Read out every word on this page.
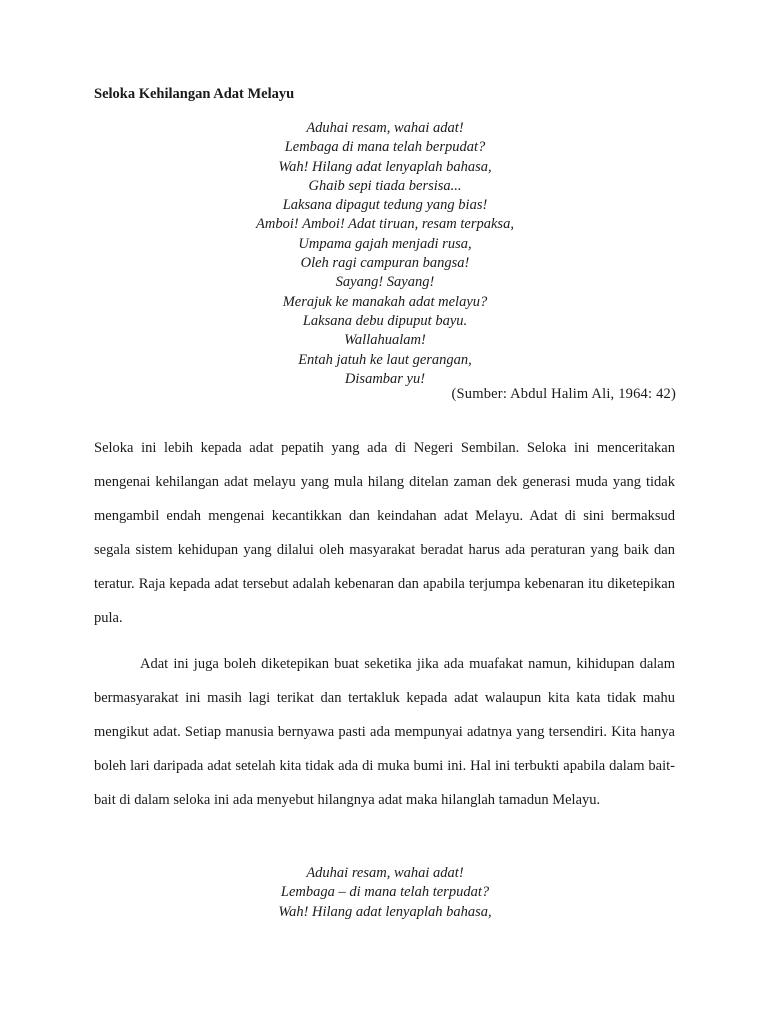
Seloka Kehilangan Adat Melayu
Aduhai resam, wahai adat!
Lembaga di mana telah berpudat?
Wah! Hilang adat lenyaplah bahasa,
Ghaib sepi tiada bersisa...
Laksana dipagut tedung yang bias!
Amboi! Amboi! Adat tiruan, resam terpaksa,
Umpama gajah menjadi rusa,
Oleh ragi campuran bangsa!
Sayang! Sayang!
Merajuk ke manakah adat melayu?
Laksana debu dipuput bayu.
Wallahualam!
Entah jatuh ke laut gerangan,
Disambar yu!
(Sumber: Abdul Halim Ali, 1964: 42)

Seloka ini lebih kepada adat pepatih yang ada di Negeri Sembilan. Seloka ini menceritakan mengenai kehilangan adat melayu yang mula hilang ditelan zaman dek generasi muda yang tidak mengambil endah mengenai kecantikkan dan keindahan adat Melayu. Adat di sini bermaksud segala sistem kehidupan yang dilalui oleh masyarakat beradat harus ada peraturan yang baik dan teratur. Raja kepada adat tersebut adalah kebenaran dan apabila terjumpa kebenaran itu diketepikan pula.

Adat ini juga boleh diketepikan buat seketika jika ada muafakat namun, kihidupan dalam bermasyarakat ini masih lagi terikat dan tertakluk kepada adat walaupun kita kata tidak mahu mengikut adat. Setiap manusia bernyawa pasti ada mempunyai adatnya yang tersendiri. Kita hanya boleh lari daripada adat setelah kita tidak ada di muka bumi ini. Hal ini terbukti apabila dalam bait-bait di dalam seloka ini ada menyebut hilangnya adat maka hilanglah tamadun Melayu.

Aduhai resam, wahai adat!
Lembaga – di mana telah terpudat?
Wah! Hilang adat lenyaplah bahasa,
